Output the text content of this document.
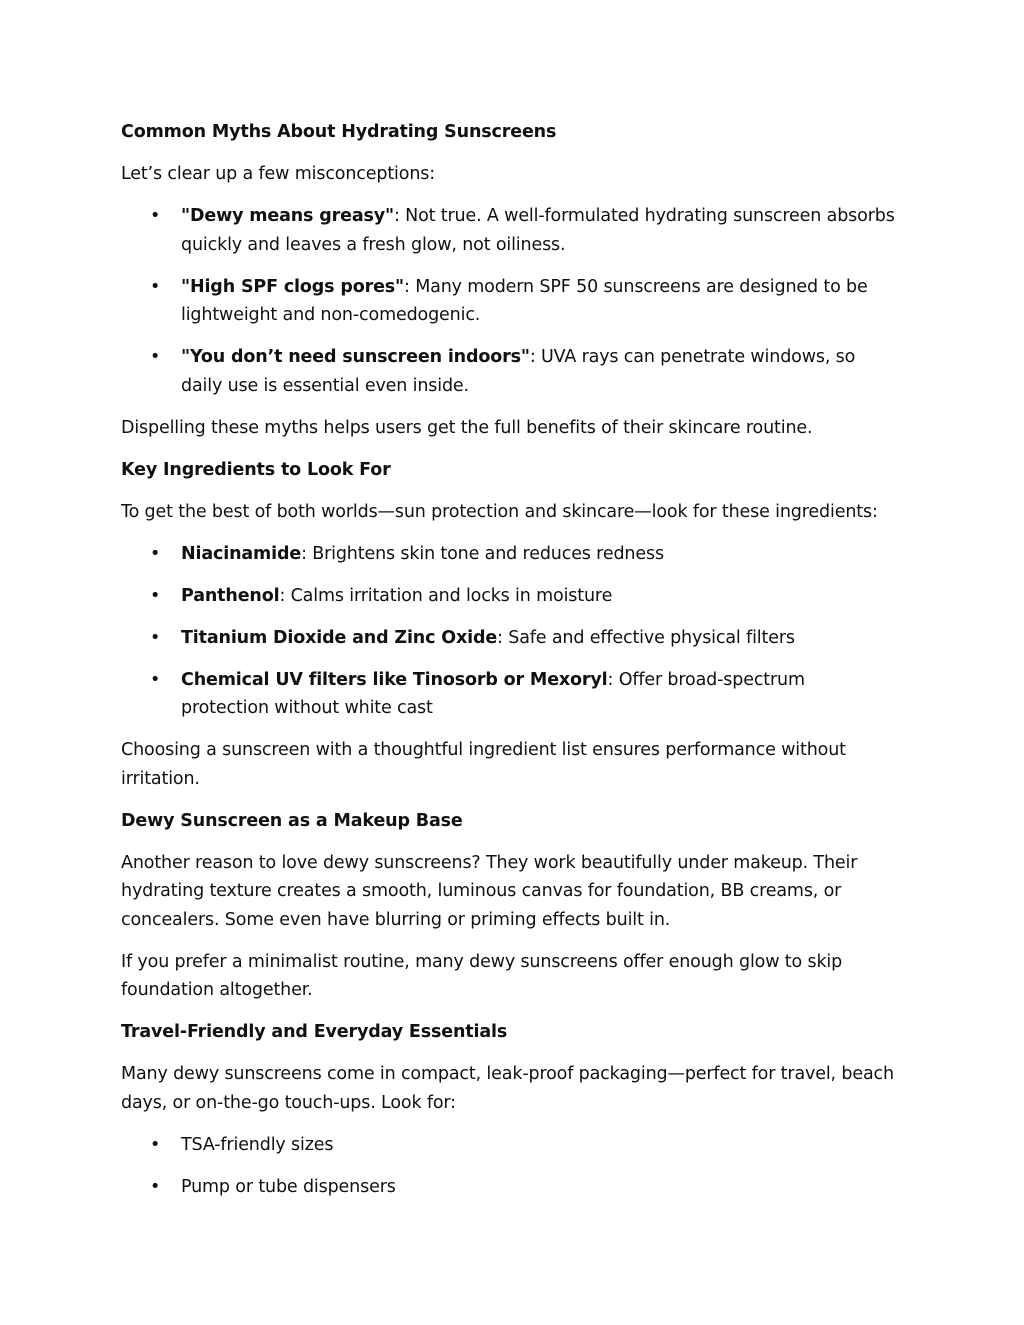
Common Myths About Hydrating Sunscreens
Let’s clear up a few misconceptions:
• "Dewy means greasy": Not true. A well-formulated hydrating sunscreen absorbs quickly and leaves a fresh glow, not oiliness.
• "High SPF clogs pores": Many modern SPF 50 sunscreens are designed to be lightweight and non-comedogenic.
• "You don’t need sunscreen indoors": UVA rays can penetrate windows, so daily use is essential even inside.
Dispelling these myths helps users get the full benefits of their skincare routine.
Key Ingredients to Look For
To get the best of both worlds—sun protection and skincare—look for these ingredients:
• Niacinamide: Brightens skin tone and reduces redness
• Panthenol: Calms irritation and locks in moisture
• Titanium Dioxide and Zinc Oxide: Safe and effective physical filters
• Chemical UV filters like Tinosorb or Mexoryl: Offer broad-spectrum protection without white cast
Choosing a sunscreen with a thoughtful ingredient list ensures performance without irritation.
Dewy Sunscreen as a Makeup Base
Another reason to love dewy sunscreens? They work beautifully under makeup. Their hydrating texture creates a smooth, luminous canvas for foundation, BB creams, or concealers. Some even have blurring or priming effects built in.
If you prefer a minimalist routine, many dewy sunscreens offer enough glow to skip foundation altogether.
Travel-Friendly and Everyday Essentials
Many dewy sunscreens come in compact, leak-proof packaging—perfect for travel, beach days, or on-the-go touch-ups. Look for:
• TSA-friendly sizes
• Pump or tube dispensers
